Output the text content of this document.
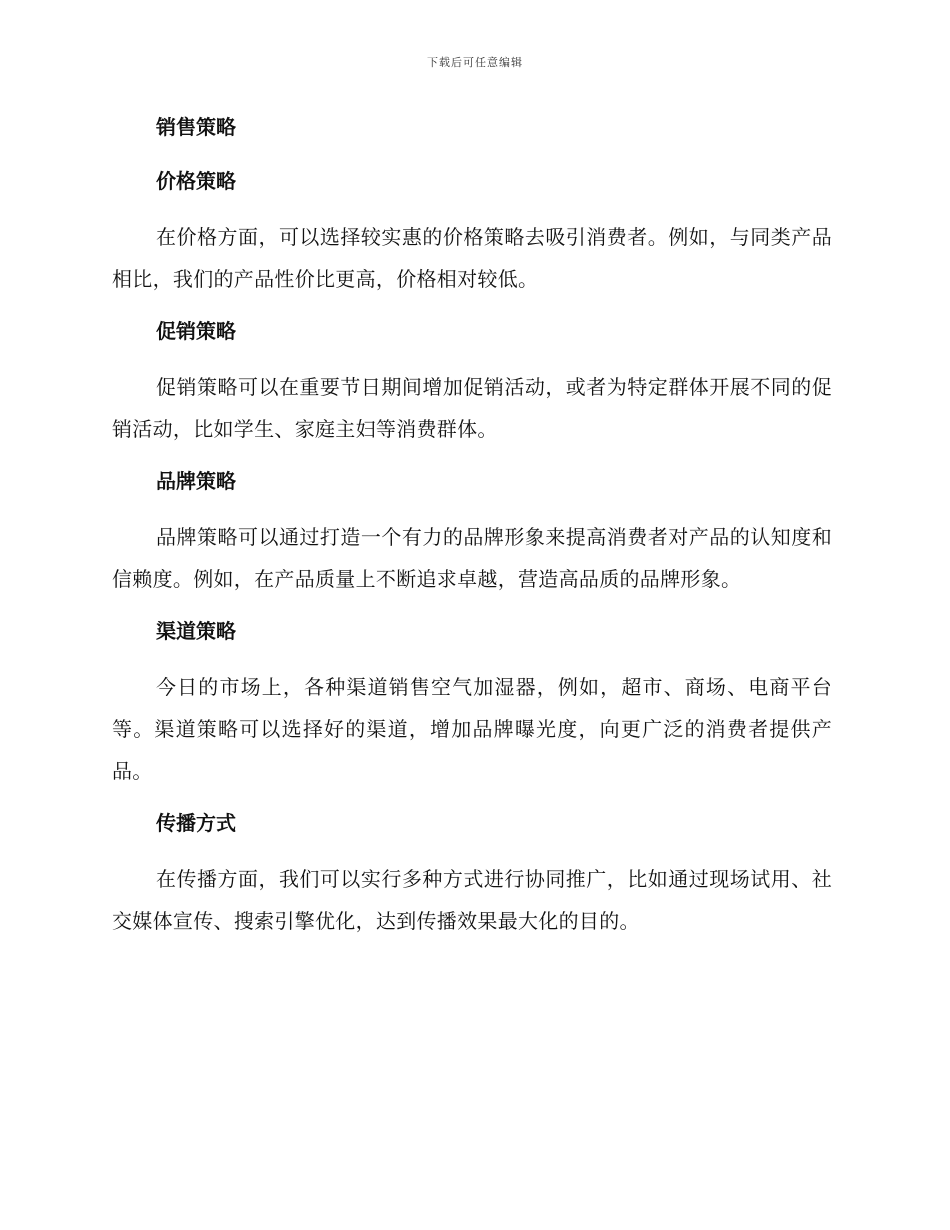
下载后可任意编辑
销售策略
价格策略

在价格方面，可以选择较实惠的价格策略去吸引消费者。例如，与同类产品相比，我们的产品性价比更高，价格相对较低。

促销策略

促销策略可以在重要节日期间增加促销活动，或者为特定群体开展不同的促销活动，比如学生、家庭主妇等消费群体。

品牌策略

品牌策略可以通过打造一个有力的品牌形象来提高消费者对产品的认知度和信赖度。例如，在产品质量上不断追求卓越，营造高品质的品牌形象。

渠道策略

今日的市场上，各种渠道销售空气加湿器，例如，超市、商场、电商平台等。渠道策略可以选择好的渠道，增加品牌曝光度，向更广泛的消费者提供产品。

传播方式

在传播方面，我们可以实行多种方式进行协同推广，比如通过现场试用、社交媒体宣传、搜索引擎优化，达到传播效果最大化的目的。
